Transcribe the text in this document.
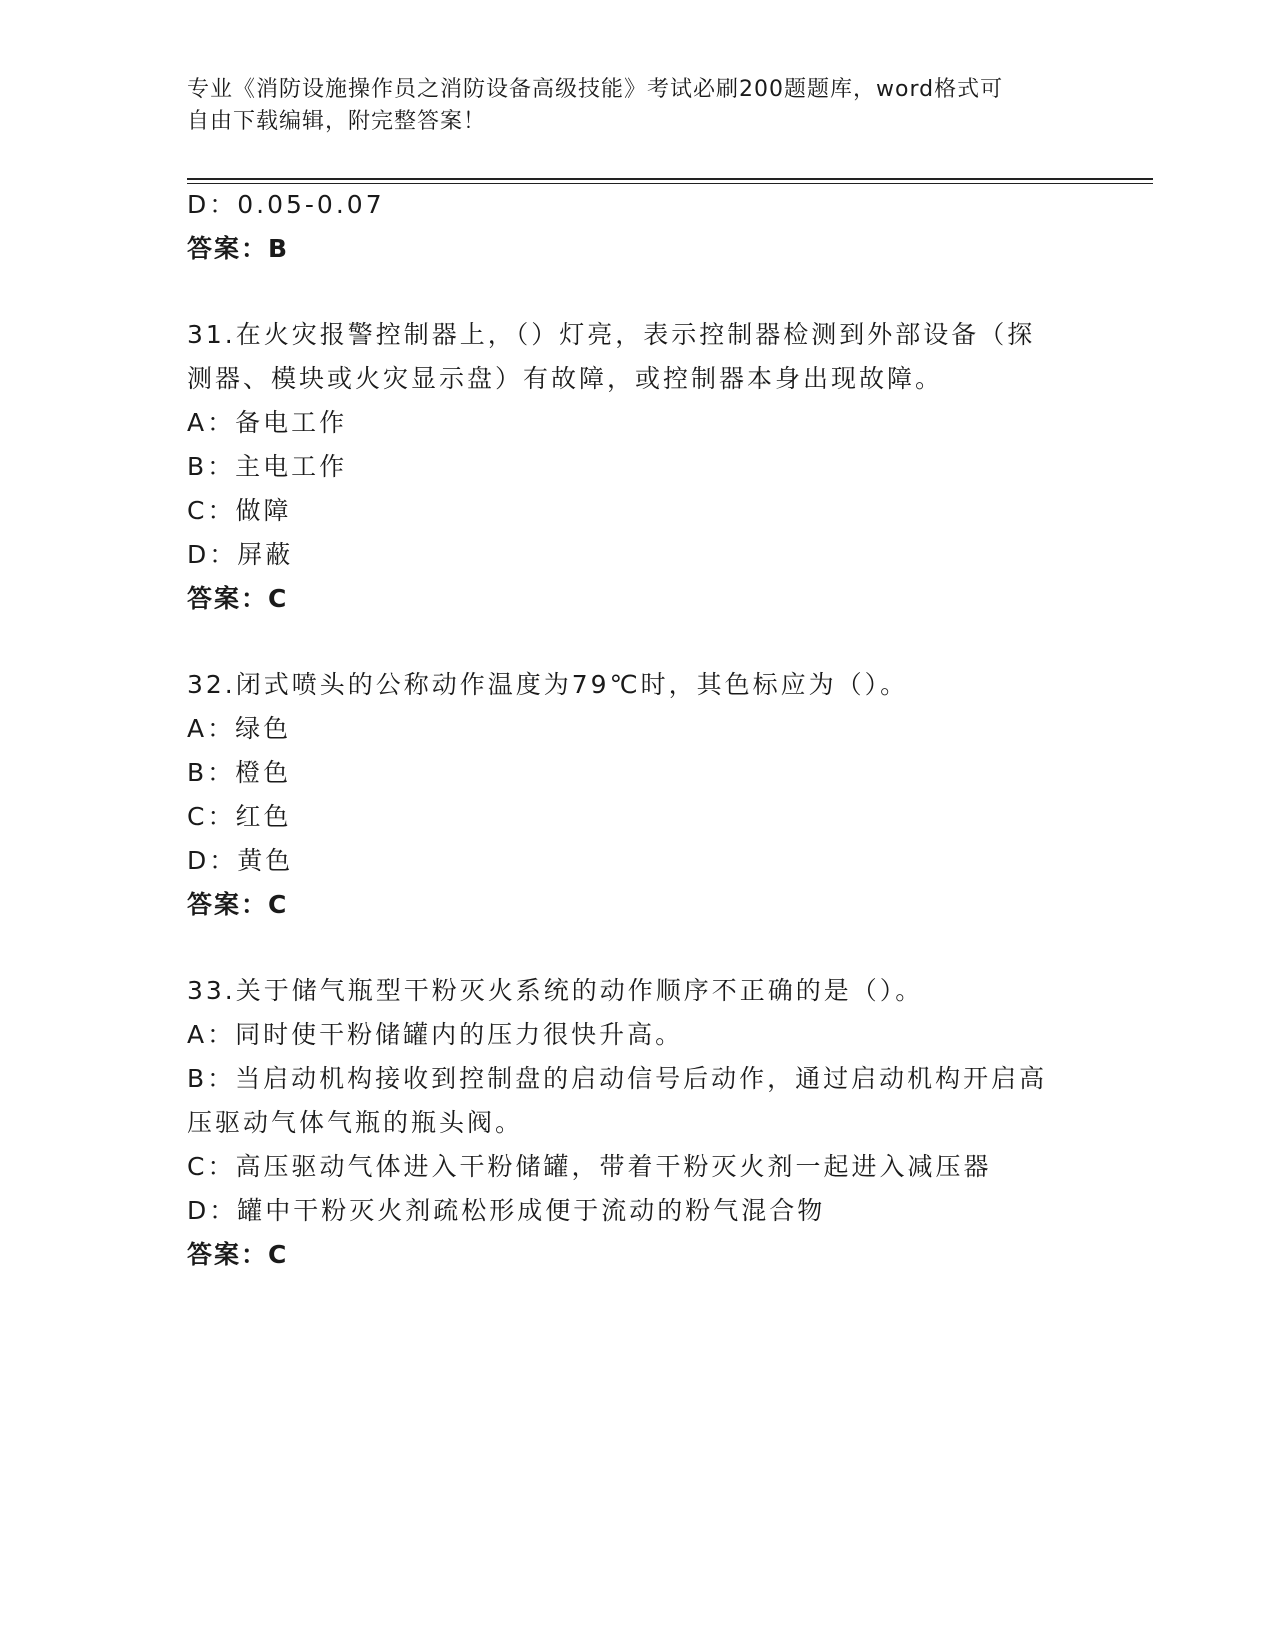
专业《消防设施操作员之消防设备高级技能》考试必刷200题题库，word格式可
自由下载编辑，附完整答案！
D：0.05-0.07
答案：B
31.在火灾报警控制器上，（）灯亮，表示控制器检测到外部设备（探
测器、模块或火灾显示盘）有故障，或控制器本身出现故障。
A：备电工作
B：主电工作
C：做障
D：屏蔽
答案：C
32.闭式喷头的公称动作温度为79℃时，其色标应为（）。
A：绿色
B：橙色
C：红色
D：黄色
答案：C
33.关于储气瓶型干粉灭火系统的动作顺序不正确的是（）。
A：同时使干粉储罐内的压力很快升高。
B：当启动机构接收到控制盘的启动信号后动作，通过启动机构开启高
压驱动气体气瓶的瓶头阀。
C：高压驱动气体进入干粉储罐，带着干粉灭火剂一起进入减压器
D：罐中干粉灭火剂疏松形成便于流动的粉气混合物
答案：C
